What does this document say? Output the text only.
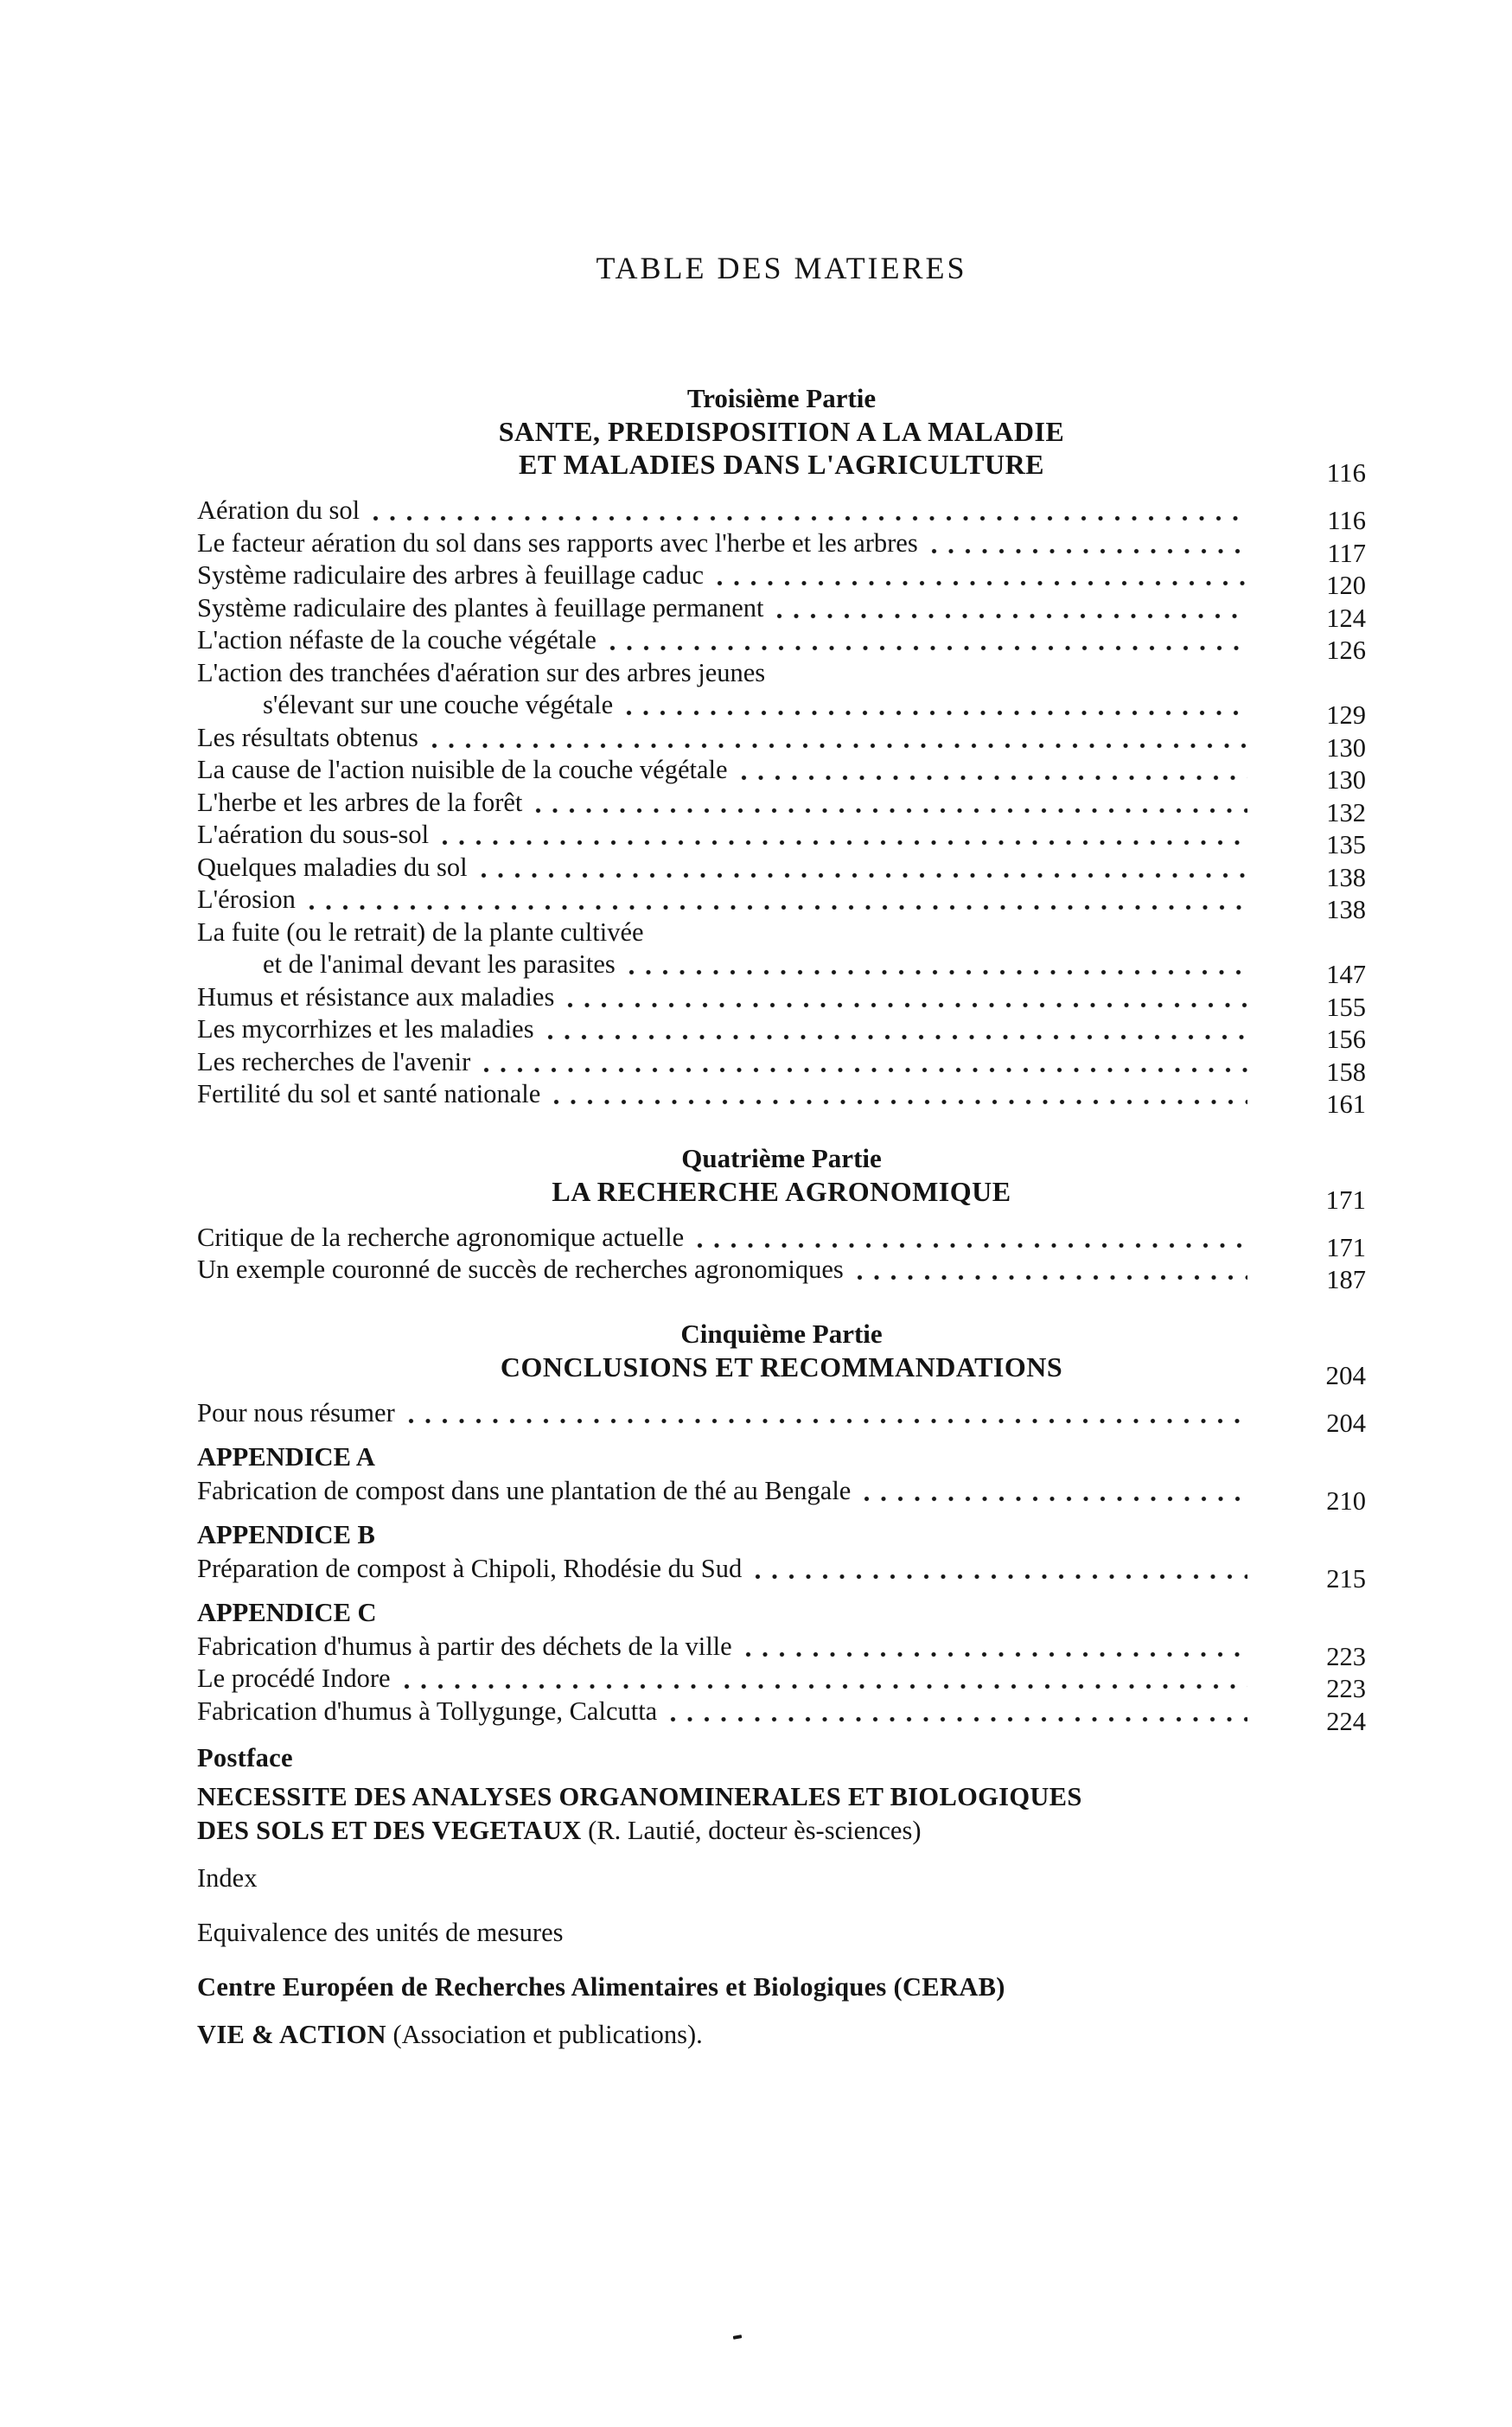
TABLE DES MATIERES
Troisième Partie
SANTE, PREDISPOSITION A LA MALADIE
ET MALADIES DANS L'AGRICULTURE	116
Aération du sol	116
Le facteur aération du sol dans ses rapports avec l'herbe et les arbres	117
Système radiculaire des arbres à feuillage caduc	120
Système radiculaire des plantes à feuillage permanent	124
L'action néfaste de la couche végétale	126
L'action des tranchées d'aération sur des arbres jeunes
s'élevant sur une couche végétale	129
Les résultats obtenus	130
La cause de l'action nuisible de la couche végétale	130
L'herbe et les arbres de la forêt	132
L'aération du sous-sol	135
Quelques maladies du sol	138
L'érosion	138
La fuite (ou le retrait) de la plante cultivée
et de l'animal devant les parasites	147
Humus et résistance aux maladies	155
Les mycorrhizes et les maladies	156
Les recherches de l'avenir	158
Fertilité du sol et santé nationale	161
Quatrième Partie
LA RECHERCHE AGRONOMIQUE	171
Critique de la recherche agronomique actuelle	171
Un exemple couronné de succès de recherches agronomiques	187
Cinquième Partie
CONCLUSIONS ET RECOMMANDATIONS	204
Pour nous résumer	204
APPENDICE A
Fabrication de compost dans une plantation de thé au Bengale	210
APPENDICE B
Préparation de compost à Chipoli, Rhodésie du Sud	215
APPENDICE C
Fabrication d'humus à partir des déchets de la ville	223
Le procédé Indore	223
Fabrication d'humus à Tollygunge, Calcutta	224
Postface
NECESSITE DES ANALYSES ORGANOMINERALES ET BIOLOGIQUES
DES SOLS ET DES VEGETAUX (R. Lautié, docteur ès-sciences)
Index
Equivalence des unités de mesures
Centre Européen de Recherches Alimentaires et Biologiques (CERAB)
VIE & ACTION (Association et publications).
